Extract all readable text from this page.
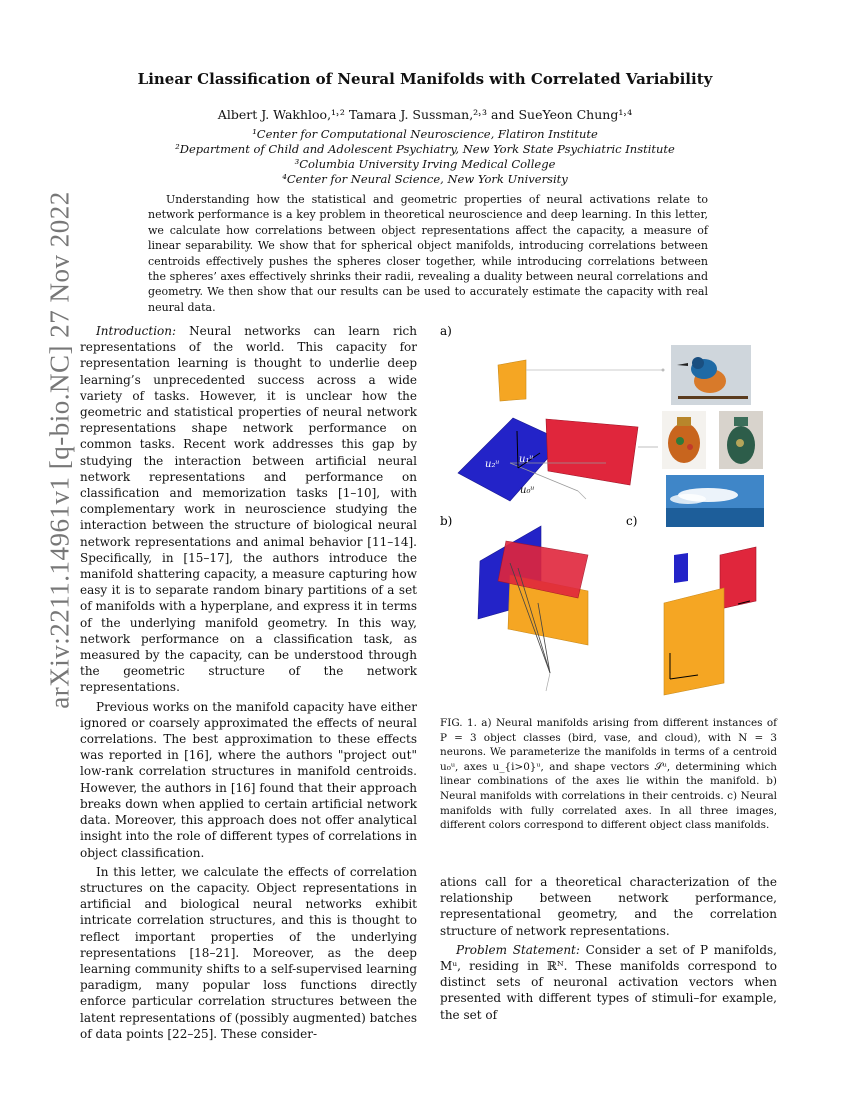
arXiv:2211.14961v1 [q-bio.NC] 27 Nov 2022
Linear Classification of Neural Manifolds with Correlated Variability
Albert J. Wakhloo,¹˒² Tamara J. Sussman,²˒³ and SueYeon Chung¹˒⁴
¹Center for Computational Neuroscience, Flatiron Institute
²Department of Child and Adolescent Psychiatry, New York State Psychiatric Institute
³Columbia University Irving Medical College
⁴Center for Neural Science, New York University

Understanding how the statistical and geometric properties of neural activations relate to network performance is a key problem in theoretical neuroscience and deep learning. In this letter, we calculate how correlations between object representations affect the capacity, a measure of linear separability. We show that for spherical object manifolds, introducing correlations between centroids effectively pushes the spheres closer together, while introducing correlations between the spheres’ axes effectively shrinks their radii, revealing a duality between neural correlations and geometry. We then show that our results can be used to accurately estimate the capacity with real neural data.

Introduction: Neural networks can learn rich representations of the world. This capacity for representation learning is thought to underlie deep learning’s unprecedented success across a wide variety of tasks. However, it is unclear how the geometric and statistical properties of neural network representations shape network performance on common tasks. Recent work addresses this gap by studying the interaction between artificial neural network representations and performance on classification and memorization tasks [1–10], with complementary work in neuroscience studying the interaction between the structure of biological neural network representations and animal behavior [11–14]. Specifically, in [15–17], the authors introduce the manifold shattering capacity, a measure capturing how easy it is to separate random binary partitions of a set of manifolds with a hyperplane, and express it in terms of the underlying manifold geometry. In this way, network performance on a classification task, as measured by the capacity, can be understood through the geometric structure of the network representations.

Previous works on the manifold capacity have either ignored or coarsely approximated the effects of neural correlations. The best approximation to these effects was reported in [16], where the authors "project out" low-rank correlation structures in manifold centroids. However, the authors in [16] found that their approach breaks down when applied to certain artificial network data. Moreover, this approach does not offer analytical insight into the role of different types of correlations in object classification.

In this letter, we calculate the effects of correlation structures on the capacity. Object representations in artificial and biological neural networks exhibit intricate correlation structures, and this is thought to reflect important properties of the underlying representations [18–21]. Moreover, as the deep learning community shifts to a self-supervised learning paradigm, many popular loss functions directly enforce particular correlation structures between the latent representations of (possibly augmented) batches of data points [22–25]. These consider-

a)
u₂ᵘ u₁ᵘ
u₀ᵘ
b)	c)

FIG. 1. a) Neural manifolds arising from different instances of P = 3 object classes (bird, vase, and cloud), with N = 3 neurons. We parameterize the manifolds in terms of a centroid u₀ᵘ, axes u_{i>0}ᵘ, and shape vectors 𝒮ᵘ, determining which linear combinations of the axes lie within the manifold. b) Neural manifolds with correlations in their centroids. c) Neural manifolds with fully correlated axes. In all three images, different colors correspond to different object class manifolds.

ations call for a theoretical characterization of the relationship between network performance, representational geometry, and the correlation structure of network representations.

Problem Statement: Consider a set of P manifolds, Mᵘ, residing in ℝᴺ. These manifolds correspond to distinct sets of neuronal activation vectors when presented with different types of stimuli–for example, the set of
